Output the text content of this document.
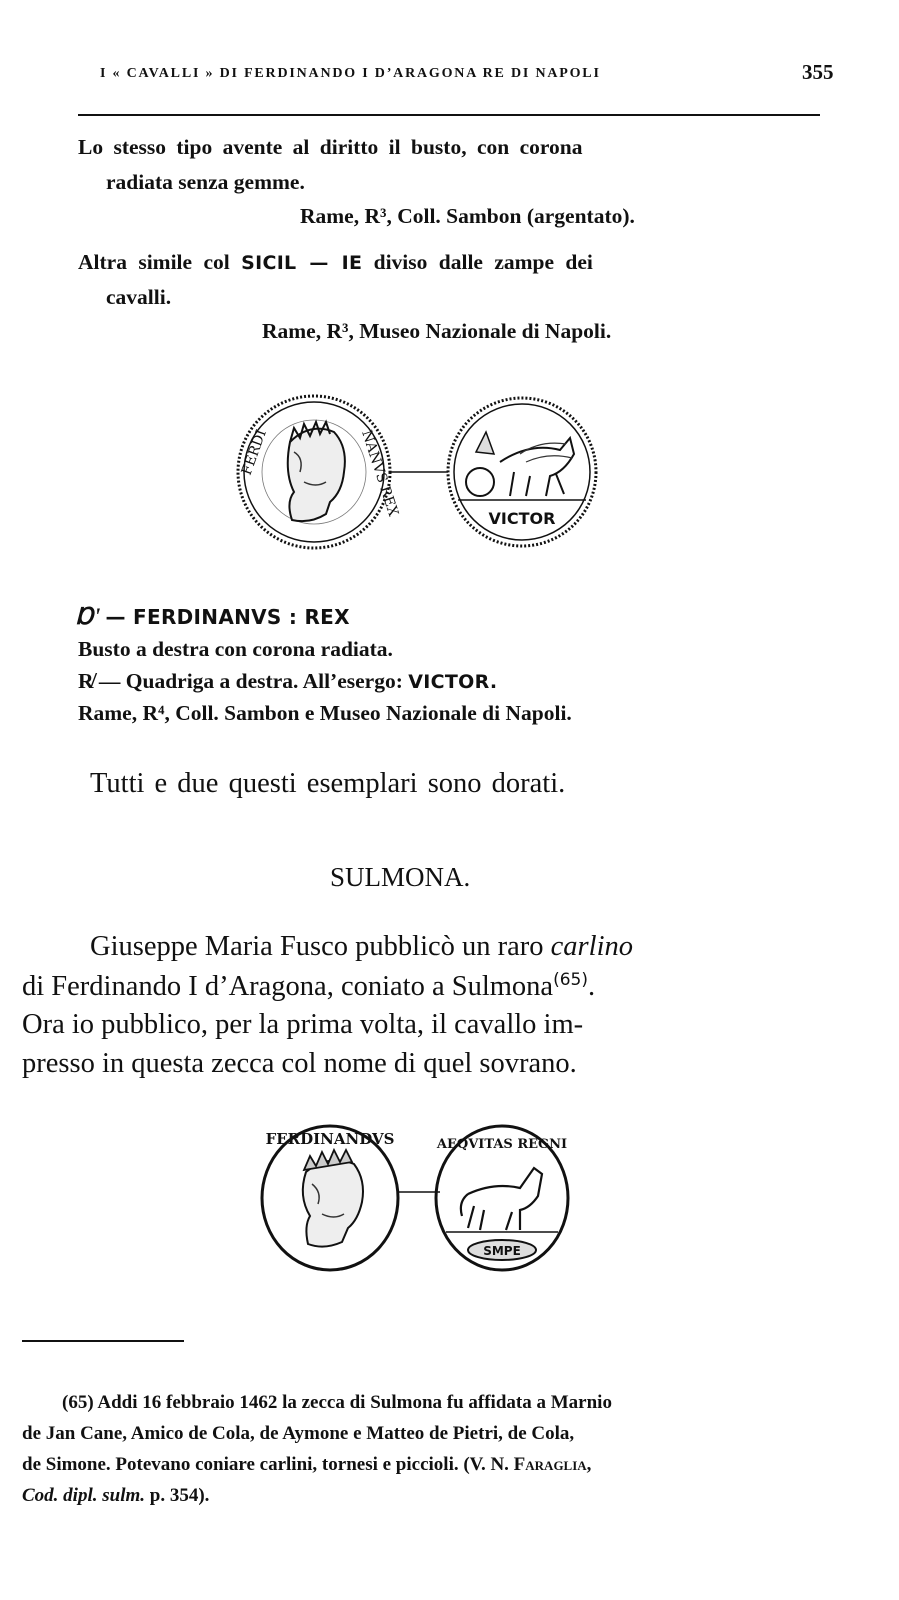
I « CAVALLI » DI FERDINANDO I D’ARAGONA RE DI NAPOLI	355
Lo stesso tipo avente al diritto il busto, con corona
radiata senza gemme.
Rame, R³, Coll. Sambon (argentato).
Altra simile col SICIL — IE diviso dalle zampe dei
cavalli.
Rame, R³, Museo Nazionale di Napoli.
FERDI	NANVS REX
VICTOR
Ɒ' — FERDINANVS : REX
Busto a destra con corona radiata.
R̸ — Quadriga a destra. All’esergo: VICTOR.
Rame, R⁴, Coll. Sambon e Museo Nazionale di Napoli.
Tutti e due questi esemplari sono dorati.
SULMONA.
Giuseppe Maria Fusco pubblicò un raro carlino
di Ferdinando I d’Aragona, coniato a Sulmona$^{(65)}$.
Ora io pubblico, per la prima volta, il cavallo im-
presso in questa zecca col nome di quel sovrano.
FERDINANDVS	AEQVITAS REGNI
SMPE
(65) Addi 16 febbraio 1462 la zecca di Sulmona fu affidata a Marnio
de Jan Cane, Amico de Cola, de Aymone e Matteo de Pietri, de Cola,
de Simone. Potevano coniare carlini, tornesi e piccioli. (V. N. Faraglia,
Cod. dipl. sulm. p. 354).
